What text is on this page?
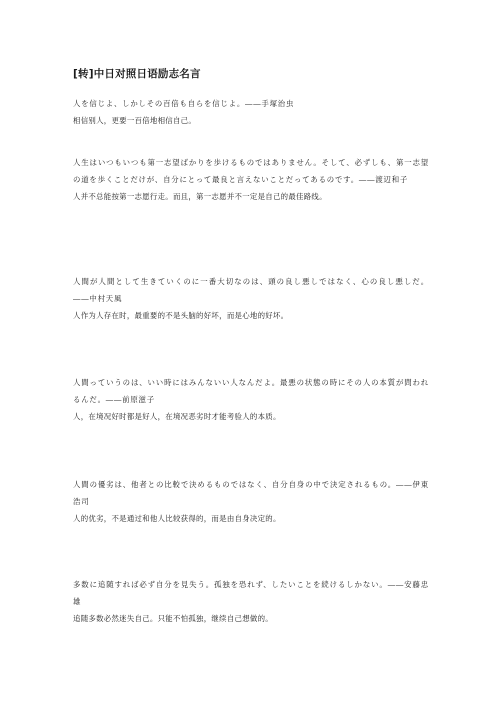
[转]中日对照日语励志名言

人を信じよ、しかしその百倍も自らを信じよ。――手塚治虫

相信别人，更要一百倍地相信自己。

人生はいつもいつも第一志望ばかりを歩けるものではありません。そして、必ずしも、第一志望の道を歩くことだけが、自分にとって最良と言えないことだってあるのです。――渡辺和子

人并不总能按第一志愿行走。而且，第一志愿并不一定是自己的最佳路线。

人間が人間として生きていくのに一番大切なのは、頭の良し悪しではなく、心の良し悪しだ。――中村天風

人作为人存在时，最重要的不是头脑的好坏，而是心地的好坏。

人間っていうのは、いい時にはみんないい人なんだよ。最悪の状態の時にその人の本質が問われるんだ。――前原滋子

人，在境况好时都是好人，在境况恶劣时才能考验人的本质。

人間の優劣は、他者との比較で決めるものではなく、自分自身の中で決定されるもの。――伊東浩司

人的优劣，不是通过和他人比较获得的，而是由自身决定的。

多数に追随すれば必ず自分を見失う。孤独を恐れず、したいことを続けるしかない。――安藤忠雄

追随多数必然迷失自己。只能不怕孤独，继续自己想做的。
